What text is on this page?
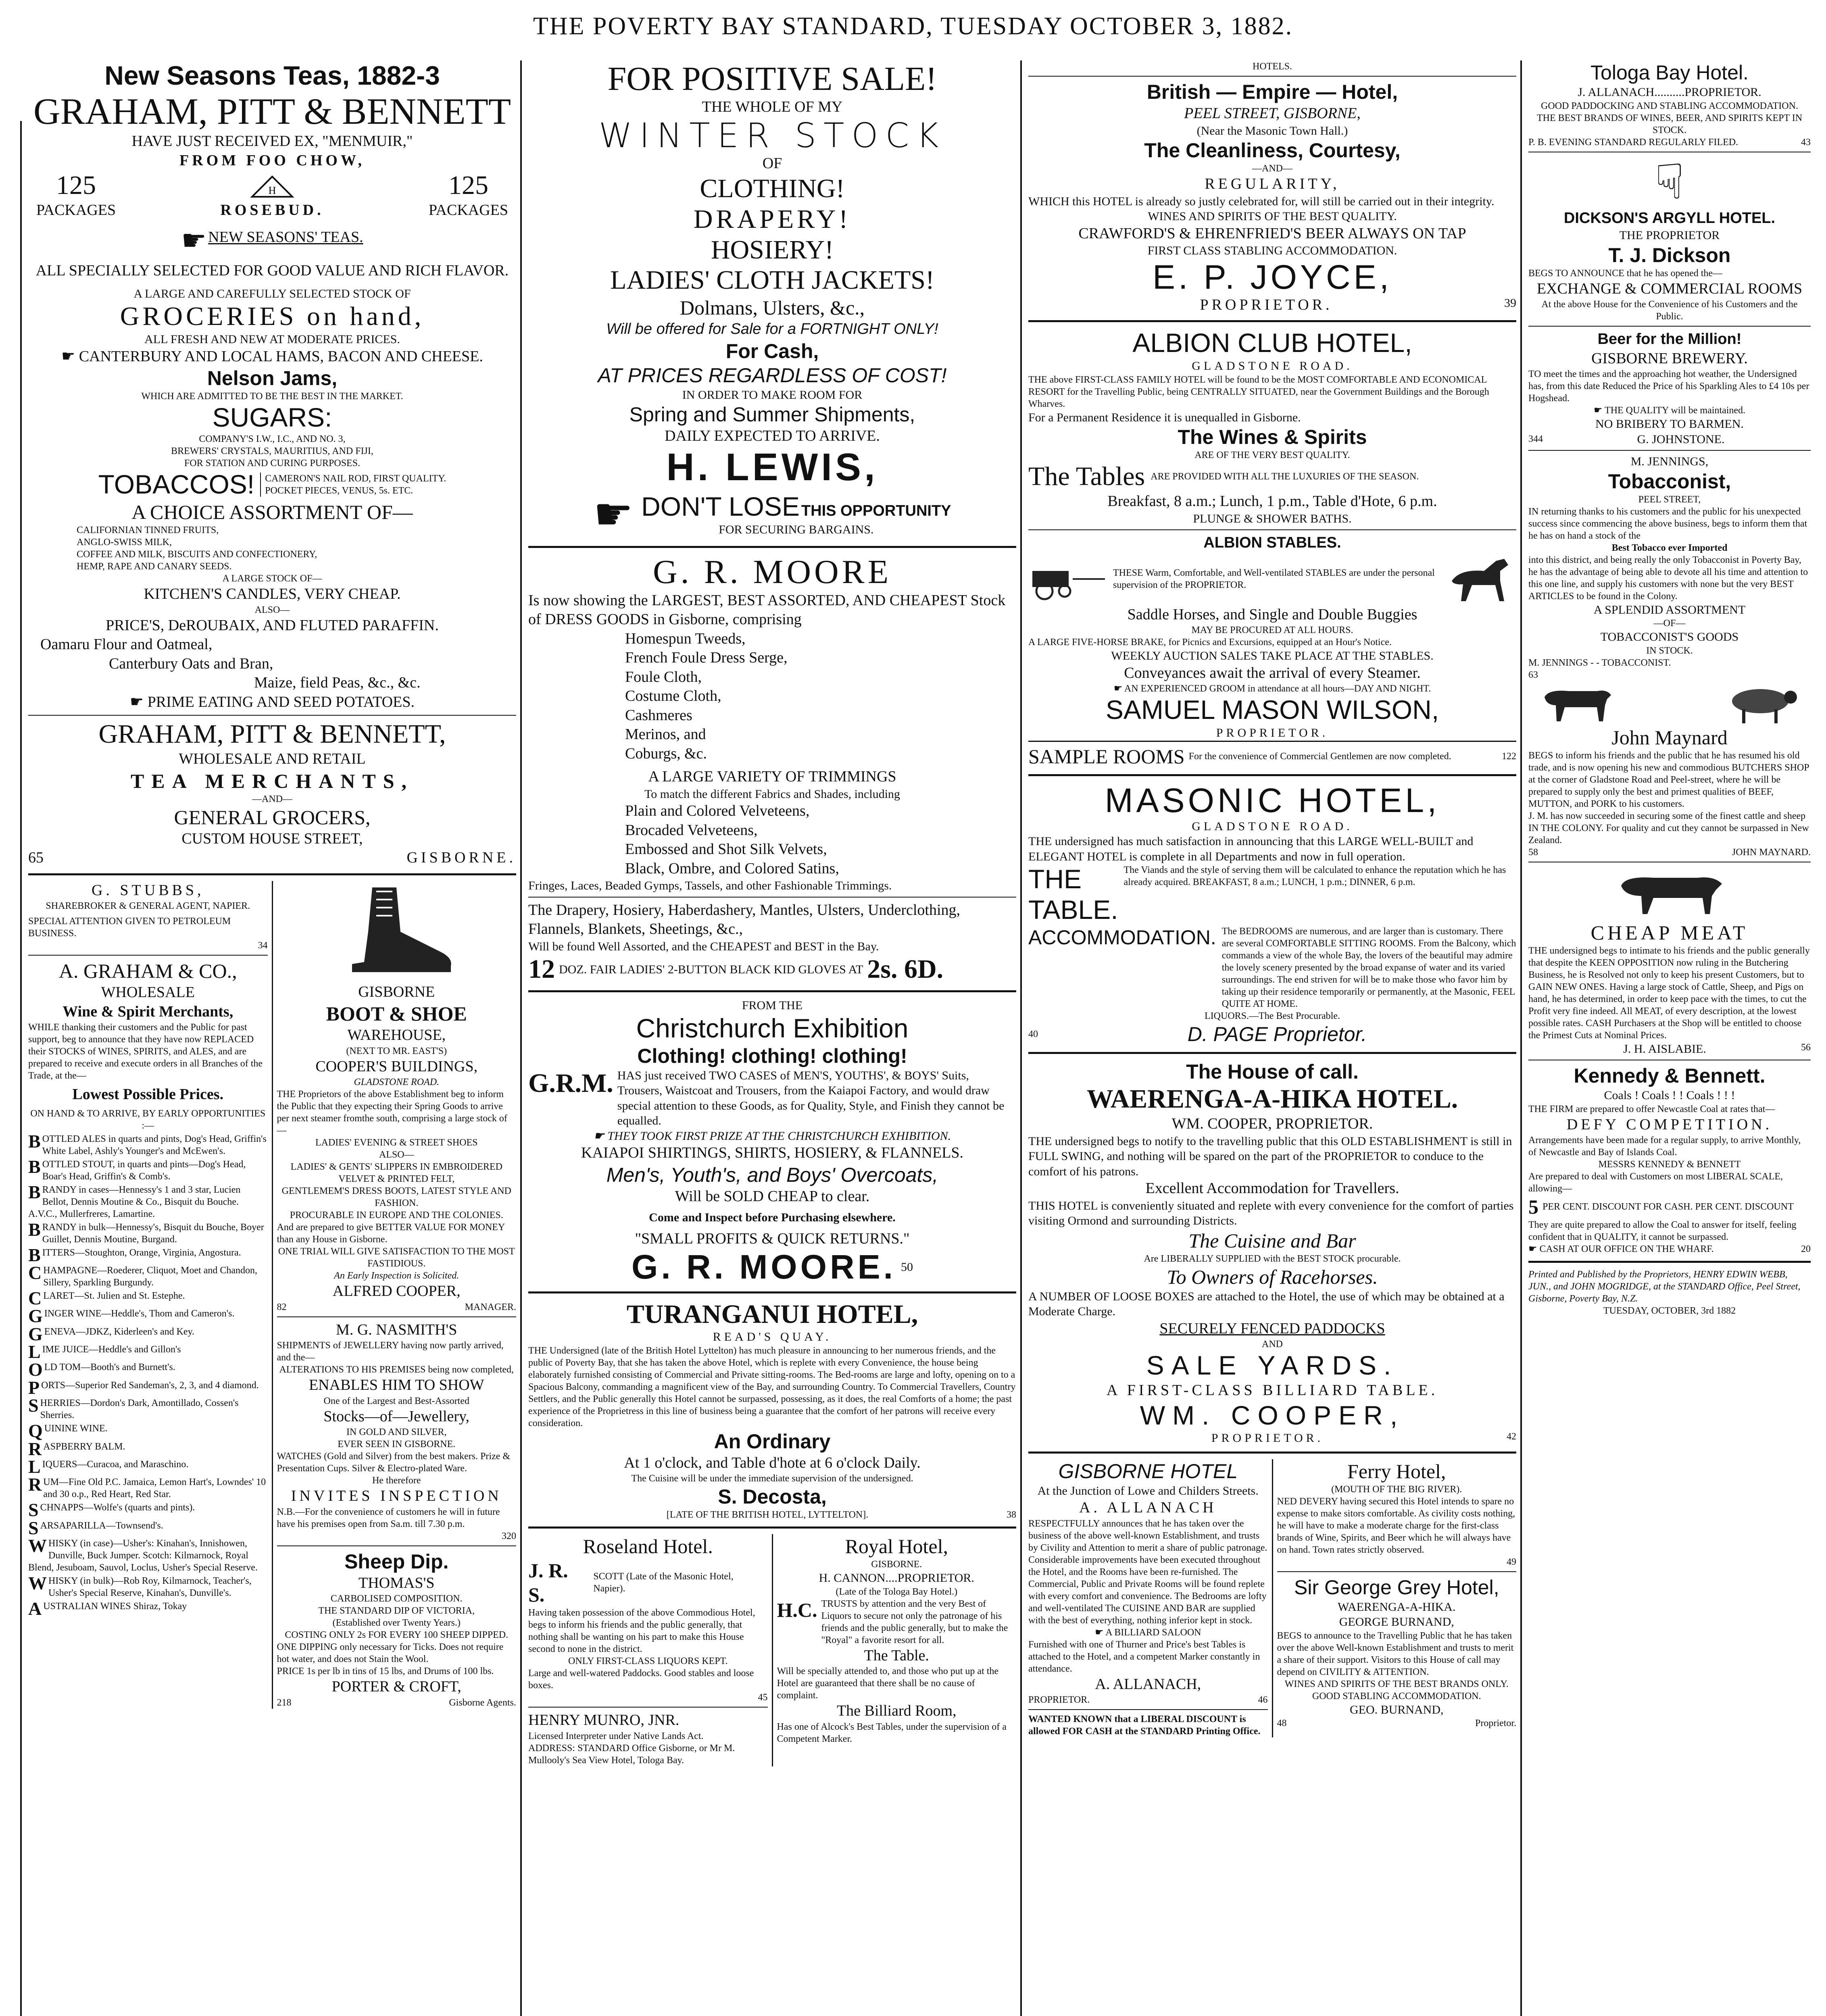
THE POVERTY BAY STANDARD, TUESDAY OCTOBER 3, 1882.
New Seasons Teas, 1882-3
GRAHAM, PITT & BENNETT
HAVE JUST RECEIVED EX, "MENMUIR,"
FROM FOO CHOW,
125
PACKAGES
H
ROSEBUD.
125
PACKAGES
☛ NEW SEASONS' TEAS.
ALL SPECIALLY SELECTED FOR GOOD VALUE AND RICH FLAVOR.
A LARGE AND CAREFULLY SELECTED STOCK OF
GROCERIES on hand,
ALL FRESH AND NEW AT MODERATE PRICES.
☛ CANTERBURY AND LOCAL HAMS, BACON AND CHEESE.
Nelson Jams,
WHICH ARE ADMITTED TO BE THE BEST IN THE MARKET.
SUGARS:
COMPANY'S I.W., I.C., AND NO. 3,
BREWERS' CRYSTALS, MAURITIUS, AND FIJI,
FOR STATION AND CURING PURPOSES.
TOBACCOS! CAMERON'S NAIL ROD, FIRST QUALITY.
POCKET PIECES, VENUS, 5s. ETC.
A CHOICE ASSORTMENT OF—
CALIFORNIAN TINNED FRUITS,
ANGLO-SWISS MILK,
COFFEE AND MILK, BISCUITS AND CONFECTIONERY,
HEMP, RAPE AND CANARY SEEDS.
A LARGE STOCK OF—
KITCHEN'S CANDLES, VERY CHEAP.
ALSO—
PRICE'S, DeROUBAIX, AND FLUTED PARAFFIN.
Oamaru Flour and Oatmeal,
Canterbury Oats and Bran,
Maize, field Peas, &c., &c.
☛ PRIME EATING AND SEED POTATOES.
GRAHAM, PITT & BENNETT,
WHOLESALE AND RETAIL
TEA MERCHANTS,
—AND—
GENERAL GROCERS,
CUSTOM HOUSE STREET,
65	GISBORNE.
G. STUBBS,
SHAREBROKER & GENERAL AGENT, NAPIER.
SPECIAL ATTENTION GIVEN TO PETROLEUM BUSINESS.
34
A. GRAHAM & CO.,
WHOLESALE
Wine & Spirit Merchants,
WHILE thanking their customers and the Public for past support, beg to announce that they have now REPLACED their STOCKS of WINES, SPIRITS, and ALES, and are prepared to receive and execute orders in all Branches of the Trade, at the—
Lowest Possible Prices.
ON HAND & TO ARRIVE, BY EARLY OPPORTUNITIES :—
BOTTLED ALES in quarts and pints, Dog's Head, Griffin's White Label, Ashly's Younger's and McEwen's.
BOTTLED STOUT, in quarts and pints—Dog's Head, Boar's Head, Griffin's & Comb's.
BRANDY in cases—Hennessy's 1 and 3 star, Lucien Bellot, Dennis Moutine & Co., Bisquit du Bouche. A.V.C., Mullerfreres, Lamartine.
BRANDY in bulk—Hennessy's, Bisquit du Bouche, Boyer Guillet, Dennis Moutine, Burgand.
BITTERS—Stoughton, Orange, Virginia, Angostura.
CHAMPAGNE—Roederer, Cliquot, Moet and Chandon, Sillery, Sparkling Burgundy.
CLARET—St. Julien and St. Estephe.
GINGER WINE—Heddle's, Thom and Cameron's.
GENEVA—JDKZ, Kiderleen's and Key.
LIME JUICE—Heddle's and Gillon's
OLD TOM—Booth's and Burnett's.
PORTS—Superior Red Sandeman's, 2, 3, and 4 diamond.
SHERRIES—Dordon's Dark, Amontillado, Cossen's Sherries.
QUININE WINE.
RASPBERRY BALM.
LIQUERS—Curacoa, and Maraschino.
RUM—Fine Old P.C. Jamaica, Lemon Hart's, Lowndes' 10 and 30 o.p., Red Heart, Red Star.
SCHNAPPS—Wolfe's (quarts and pints).
SARSAPARILLA—Townsend's.
WHISKY (in case)—Usher's: Kinahan's, Innishowen, Dunville, Buck Jumper. Scotch: Kilmarnock, Royal Blend, Jesuboam, Sauvol, Loclus, Usher's Special Reserve.
WHISKY (in bulk)—Rob Roy, Kilmarnock, Teacher's, Usher's Special Reserve, Kinahan's, Dunville's.
AUSTRALIAN WINES Shiraz, Tokay
GISBORNE
BOOT & SHOE
WAREHOUSE,
(NEXT TO MR. EAST'S)
COOPER'S BUILDINGS,
GLADSTONE ROAD.
THE Proprietors of the above Establishment beg to inform the Public that they expecting their Spring Goods to arrive per next steamer fromthe south, comprising a large stock of—
LADIES' EVENING & STREET SHOES
ALSO—
LADIES' & GENTS' SLIPPERS IN EMBROIDERED VELVET & PRINTED FELT,
GENTLEMEM'S DRESS BOOTS, LATEST STYLE AND FASHION.
PROCURABLE IN EUROPE AND THE COLONIES.
And are prepared to give BETTER VALUE FOR MONEY than any House in Gisborne.
ONE TRIAL WILL GIVE SATISFACTION TO THE MOST FASTIDIOUS.
An Early Inspection is Solicited.
ALFRED COOPER,
82	MANAGER.
M. G. NASMITH'S
SHIPMENTS of JEWELLERY having now partly arrived, and the—
ALTERATIONS TO HIS PREMISES being now completed,
ENABLES HIM TO SHOW
One of the Largest and Best-Assorted
Stocks—of—Jewellery,
IN GOLD AND SILVER,
EVER SEEN IN GISBORNE.
WATCHES (Gold and Silver) from the best makers. Prize & Presentation Cups. Silver & Electro-plated Ware.
He therefore
INVITES INSPECTION
N.B.—For the convenience of customers he will in future have his premises open from Sa.m. till 7.30 p.m.
320
Sheep Dip.
THOMAS'S
CARBOLISED COMPOSITION.
THE STANDARD DIP OF VICTORIA,
(Established over Twenty Years.)
COSTING ONLY 2s FOR EVERY 100 SHEEP DIPPED.
ONE DIPPING only necessary for Ticks. Does not require hot water, and does not Stain the Wool.
PRICE 1s per lb in tins of 15 lbs, and Drums of 100 lbs.
PORTER & CROFT,
218	Gisborne Agents.
FOR POSITIVE SALE!
THE WHOLE OF MY
WINTER STOCK
OF
CLOTHING!
DRAPERY!
HOSIERY!
LADIES' CLOTH JACKETS!
Dolmans, Ulsters, &c.,
Will be offered for Sale for a FORTNIGHT ONLY!
For Cash,
AT PRICES REGARDLESS OF COST!
IN ORDER TO MAKE ROOM FOR
Spring and Summer Shipments,
DAILY EXPECTED TO ARRIVE.
H. LEWIS,
☛ DON'T LOSE THIS OPPORTUNITY
FOR SECURING BARGAINS.
G. R. MOORE
Is now showing the LARGEST, BEST ASSORTED, AND CHEAPEST Stock of DRESS GOODS in Gisborne, comprising
Homespun Tweeds,
French Foule Dress Serge,
Foule Cloth,
Costume Cloth,
Cashmeres
Merinos, and
Coburgs, &c.
A LARGE VARIETY OF TRIMMINGS
To match the different Fabrics and Shades, including
Plain and Colored Velveteens,
Brocaded Velveteens,
Embossed and Shot Silk Velvets,
Black, Ombre, and Colored Satins,
Fringes, Laces, Beaded Gymps, Tassels, and other Fashionable Trimmings.
The Drapery, Hosiery, Haberdashery, Mantles, Ulsters, Underclothing, Flannels, Blankets, Sheetings, &c.,
Will be found Well Assorted, and the CHEAPEST and BEST in the Bay.
12 DOZ. FAIR LADIES' 2-BUTTON BLACK KID GLOVES AT 2s. 6D.
FROM THE
Christchurch Exhibition
Clothing! clothing! clothing!
G.R.M. HAS just received TWO CASES of MEN'S, YOUTHS', & BOYS' Suits, Trousers, Waistcoat and Trousers, from the Kaiapoi Factory, and would draw special attention to these Goods, as for Quality, Style, and Finish they cannot be equalled.
☛ THEY TOOK FIRST PRIZE AT THE CHRISTCHURCH EXHIBITION.
KAIAPOI SHIRTINGS, SHIRTS, HOSIERY, & FLANNELS.
Men's, Youth's, and Boys' Overcoats,
Will be SOLD CHEAP to clear.
Come and Inspect before Purchasing elsewhere.
"SMALL PROFITS & QUICK RETURNS."
G. R. MOORE. 50
TURANGANUI HOTEL,
READ'S QUAY.
THE Undersigned (late of the British Hotel Lyttelton) has much pleasure in announcing to her numerous friends, and the public of Poverty Bay, that she has taken the above Hotel, which is replete with every Convenience, the house being elaborately furnished consisting of Commercial and Private sitting-rooms. The Bed-rooms are large and lofty, opening on to a Spacious Balcony, commanding a magnificent view of the Bay, and surrounding Country. To Commercial Travellers, Country Settlers, and the Public generally this Hotel cannot be surpassed, possessing, as it does, the real Comforts of a home; the past experience of the Proprietress in this line of business being a guarantee that the comfort of her patrons will receive every consideration.
An Ordinary
At 1 o'clock, and Table d'hote at 6 o'clock Daily.
The Cuisine will be under the immediate supervision of the undersigned.
S. Decosta,
[LATE OF THE BRITISH HOTEL, LYTTELTON].	38
Roseland Hotel.
J. R. S.
SCOTT (Late of the Masonic Hotel, Napier).
Having taken possession of the above Commodious Hotel, begs to inform his friends and the public generally, that nothing shall be wanting on his part to make this House second to none in the district.
ONLY FIRST-CLASS LIQUORS KEPT.
Large and well-watered Paddocks. Good stables and loose boxes.
45
HENRY MUNRO, JNR.
Licensed Interpreter under Native Lands Act.
ADDRESS: STANDARD Office Gisborne, or Mr M. Mullooly's Sea View Hotel, Tologa Bay.
Royal Hotel,
GISBORNE.
H. CANNON....PROPRIETOR.
(Late of the Tologa Bay Hotel.)
H.C. TRUSTS by attention and the very Best of Liquors to secure not only the patronage of his friends and the public generally, but to make the "Royal" a favorite resort for all.
The Table.
Will be specially attended to, and those who put up at the Hotel are guaranteed that there shall be no cause of complaint.
The Billiard Room,
Has one of Alcock's Best Tables, under the supervision of a Competent Marker.
HOTELS.
British — Empire — Hotel,
PEEL STREET, GISBORNE,
(Near the Masonic Town Hall.)
The Cleanliness, Courtesy,
—AND—
REGULARITY,
WHICH this HOTEL is already so justly celebrated for, will still be carried out in their integrity.
WINES AND SPIRITS OF THE BEST QUALITY.
CRAWFORD'S & EHRENFRIED'S BEER ALWAYS ON TAP
FIRST CLASS STABLING ACCOMMODATION.
E. P. JOYCE,
PROPRIETOR.	39
ALBION CLUB HOTEL,
GLADSTONE ROAD.
THE above FIRST-CLASS FAMILY HOTEL will be found to be the MOST COMFORTABLE AND ECONOMICAL RESORT for the Travelling Public, being CENTRALLY SITUATED, near the Government Buildings and the Borough Wharves.
For a Permanent Residence it is unequalled in Gisborne.
The Wines & Spirits
ARE OF THE VERY BEST QUALITY.
The Tables ARE PROVIDED WITH ALL THE LUXURIES OF THE SEASON.
Breakfast, 8 a.m.; Lunch, 1 p.m., Table d'Hote, 6 p.m.
PLUNGE & SHOWER BATHS.
ALBION STABLES.
THESE Warm, Comfortable, and Well-ventilated STABLES are under the personal supervision of the PROPRIETOR.
Saddle Horses, and Single and Double Buggies
MAY BE PROCURED AT ALL HOURS.
A LARGE FIVE-HORSE BRAKE, for Picnics and Excursions, equipped at an Hour's Notice.
WEEKLY AUCTION SALES TAKE PLACE AT THE STABLES.
Conveyances await the arrival of every Steamer.
☛ AN EXPERIENCED GROOM in attendance at all hours—DAY AND NIGHT.
SAMUEL MASON WILSON,
PROPRIETOR.
SAMPLE ROOMS For the convenience of Commercial Gentlemen are now completed.	122
MASONIC HOTEL,
GLADSTONE ROAD.
THE undersigned has much satisfaction in announcing that this LARGE WELL-BUILT and ELEGANT HOTEL is complete in all Departments and now in full operation.
THE TABLE.
The Viands and the style of serving them will be calculated to enhance the reputation which he has already acquired. BREAKFAST, 8 a.m.; LUNCH, 1 p.m.; DINNER, 6 p.m.
ACCOMMODATION. The BEDROOMS are numerous, and are larger than is customary. There are several COMFORTABLE SITTING ROOMS. From the Balcony, which commands a view of the whole Bay, the lovers of the beautiful may admire the lovely scenery presented by the broad expanse of water and its varied surroundings. The end striven for will be to make those who favor him by taking up their residence temporarily or permanently, at the Masonic, FEEL QUITE AT HOME.
LIQUORS.—The Best Procurable.
40	D. PAGE Proprietor.
The House of call.
WAERENGA-A-HIKA HOTEL.
WM. COOPER, PROPRIETOR.
THE undersigned begs to notify to the travelling public that this OLD ESTABLISHMENT is still in FULL SWING, and nothing will be spared on the part of the PROPRIETOR to conduce to the comfort of his patrons.
Excellent Accommodation for Travellers.
THIS HOTEL is conveniently situated and replete with every convenience for the comfort of parties visiting Ormond and surrounding Districts.
The Cuisine and Bar
Are LIBERALLY SUPPLIED with the BEST STOCK procurable.
To Owners of Racehorses.
A NUMBER OF LOOSE BOXES are attached to the Hotel, the use of which may be obtained at a Moderate Charge.
SECURELY FENCED PADDOCKS
AND
SALE YARDS.
A FIRST-CLASS BILLIARD TABLE.
WM. COOPER,
PROPRIETOR.	42
GISBORNE HOTEL
At the Junction of Lowe and Childers Streets.
A. ALLANACH
RESPECTFULLY announces that he has taken over the business of the above well-known Establishment, and trusts by Civility and Attention to merit a share of public patronage. Considerable improvements have been executed throughout the Hotel, and the Rooms have been re-furnished. The Commercial, Public and Private Rooms will be found replete with every comfort and convenience. The Bedrooms are lofty and well-ventilated The CUISINE AND BAR are supplied with the best of everything, nothing inferior kept in stock.
☛ A BILLIARD SALOON
Furnished with one of Thurner and Price's best Tables is attached to the Hotel, and a competent Marker constantly in attendance.
A. ALLANACH,
PROPRIETOR.	46
WANTED KNOWN that a LIBERAL DISCOUNT is allowed FOR CASH at the STANDARD Printing Office.
Ferry Hotel,
(MOUTH OF THE BIG RIVER).
NED DEVERY having secured this Hotel intends to spare no expense to make sitors comfortable. As civility costs nothing, he will have to make a moderate charge for the first-class brands of Wine, Spirits, and Beer which he will always have on hand. Town rates strictly observed.
49
Sir George Grey Hotel,
WAERENGA-A-HIKA.
GEORGE BURNAND,
BEGS to announce to the Travelling Public that he has taken over the above Well-known Establishment and trusts to merit a share of their support. Visitors to this House of call may depend on CIVILITY & ATTENTION.
WINES AND SPIRITS OF THE BEST BRANDS ONLY.
GOOD STABLING ACCOMMODATION.
GEO. BURNAND,
48	Proprietor.
Tologa Bay Hotel.
J. ALLANACH..........PROPRIETOR.
GOOD PADDOCKING AND STABLING ACCOMMODATION.
THE BEST BRANDS OF WINES, BEER, AND SPIRITS KEPT IN STOCK.
P. B. EVENING STANDARD REGULARLY FILED.	43
☟
DICKSON'S ARGYLL HOTEL.
THE PROPRIETOR
T. J. Dickson
BEGS TO ANNOUNCE that he has opened the—
EXCHANGE & COMMERCIAL ROOMS
At the above House for the Convenience of his Customers and the Public.
Beer for the Million!
GISBORNE BREWERY.
TO meet the times and the approaching hot weather, the Undersigned has, from this date Reduced the Price of his Sparkling Ales to £4 10s per Hogshead.
☛ THE QUALITY will be maintained.
NO BRIBERY TO BARMEN.
344	G. JOHNSTONE.
M. JENNINGS,
Tobacconist,
PEEL STREET,
IN returning thanks to his customers and the public for his unexpected success since commencing the above business, begs to inform them that he has on hand a stock of the
Best Tobacco ever Imported
into this district, and being really the only Tobacconist in Poverty Bay, he has the advantage of being able to devote all his time and attention to this one line, and supply his customers with none but the very BEST ARTICLES to be found in the Colony.
A SPLENDID ASSORTMENT
—OF—
TOBACCONIST'S GOODS
IN STOCK.
M. JENNINGS - - TOBACCONIST.
63
John Maynard
BEGS to inform his friends and the public that he has resumed his old trade, and is now opening his new and commodious BUTCHERS SHOP at the corner of Gladstone Road and Peel-street, where he will be prepared to supply only the best and primest qualities of BEEF, MUTTON, and PORK to his customers.
J. M. has now succeeded in securing some of the finest cattle and sheep IN THE COLONY. For quality and cut they cannot be surpassed in New Zealand.
58	JOHN MAYNARD.
CHEAP MEAT
THE undersigned begs to intimate to his friends and the public generally that despite the KEEN OPPOSITION now ruling in the Butchering Business, he is Resolved not only to keep his present Customers, but to GAIN NEW ONES. Having a large stock of Cattle, Sheep, and Pigs on hand, he has determined, in order to keep pace with the times, to cut the Profit very fine indeed. All MEAT, of every description, at the lowest possible rates. CASH Purchasers at the Shop will be entitled to choose the Primest Cuts at Nominal Prices.
J. H. AISLABIE.	56
Kennedy & Bennett.
Coals ! Coals ! ! Coals ! ! !
THE FIRM are prepared to offer Newcastle Coal at rates that—
DEFY COMPETITION.
Arrangements have been made for a regular supply, to arrive Monthly, of Newcastle and Bay of Islands Coal.
MESSRS KENNEDY & BENNETT
Are prepared to deal with Customers on most LIBERAL SCALE, allowing—
5 PER CENT. DISCOUNT FOR CASH. PER CENT. DISCOUNT
They are quite prepared to allow the Coal to answer for itself, feeling confident that in QUALITY, it cannot be surpassed.
☛ CASH AT OUR OFFICE ON THE WHARF.	20
Printed and Published by the Proprietors, HENRY EDWIN WEBB, JUN., and JOHN MOGRIDGE, at the STANDARD Office, Peel Street, Gisborne, Poverty Bay, N.Z.
TUESDAY, OCTOBER, 3rd 1882
